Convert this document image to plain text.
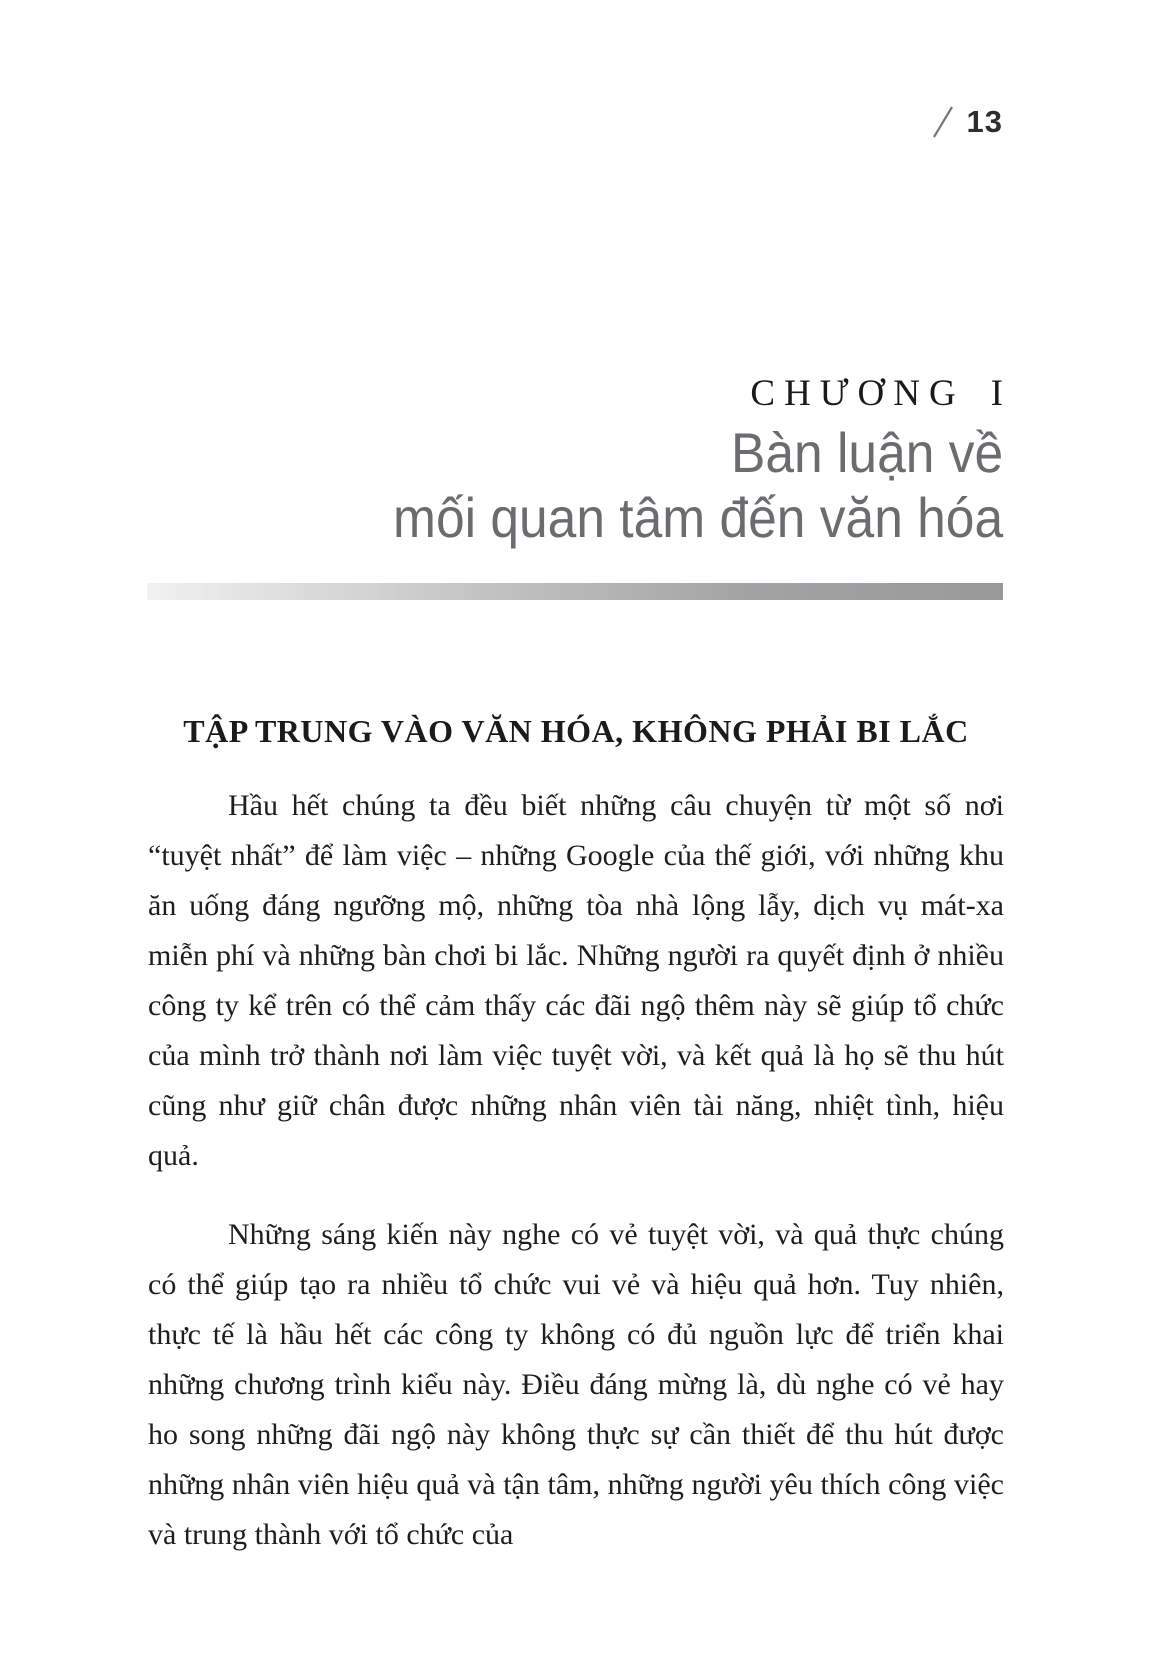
13
CHƯƠNG I
Bàn luận về
mối quan tâm đến văn hóa
TẬP TRUNG VÀO VĂN HÓA, KHÔNG PHẢI BI LẮC

Hầu hết chúng ta đều biết những câu chuyện từ một số nơi “tuyệt nhất” để làm việc – những Google của thế giới, với những khu ăn uống đáng ngưỡng mộ, những tòa nhà lộng lẫy, dịch vụ mát-xa miễn phí và những bàn chơi bi lắc. Những người ra quyết định ở nhiều công ty kể trên có thể cảm thấy các đãi ngộ thêm này sẽ giúp tổ chức của mình trở thành nơi làm việc tuyệt vời, và kết quả là họ sẽ thu hút cũng như giữ chân được những nhân viên tài năng, nhiệt tình, hiệu quả.

Những sáng kiến này nghe có vẻ tuyệt vời, và quả thực chúng có thể giúp tạo ra nhiều tổ chức vui vẻ và hiệu quả hơn. Tuy nhiên, thực tế là hầu hết các công ty không có đủ nguồn lực để triển khai những chương trình kiểu này. Điều đáng mừng là, dù nghe có vẻ hay ho song những đãi ngộ này không thực sự cần thiết để thu hút được những nhân viên hiệu quả và tận tâm, những người yêu thích công việc và trung thành với tổ chức của
